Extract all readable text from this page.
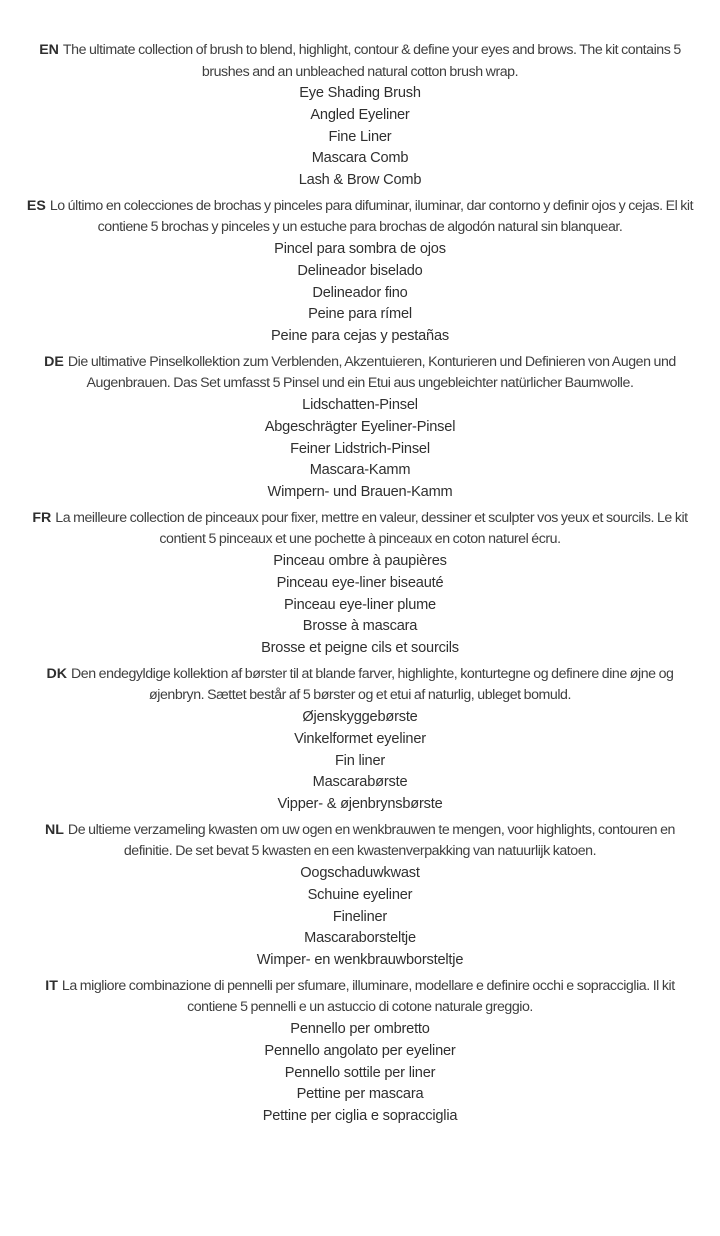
EN The ultimate collection of brush to blend, highlight, contour & define your eyes and brows. The kit contains 5 brushes and an unbleached natural cotton brush wrap.

Eye Shading Brush
Angled Eyeliner
Fine Liner
Mascara Comb
Lash & Brow Comb

ES Lo último en colecciones de brochas y pinceles para difuminar, iluminar, dar contorno y definir ojos y cejas. El kit contiene 5 brochas y pinceles y un estuche para brochas de algodón natural sin blanquear.

Pincel para sombra de ojos
Delineador biselado
Delineador fino
Peine para rímel
Peine para cejas y pestañas

DE Die ultimative Pinselkollektion zum Verblenden, Akzentuieren, Konturieren und Definieren von Augen und Augenbrauen. Das Set umfasst 5 Pinsel und ein Etui aus ungebleichter natürlicher Baumwolle.

Lidschatten-Pinsel
Abgeschrägter Eyeliner-Pinsel
Feiner Lidstrich-Pinsel
Mascara-Kamm
Wimpern- und Brauen-Kamm

FR La meilleure collection de pinceaux pour fixer, mettre en valeur, dessiner et sculpter vos yeux et sourcils. Le kit contient 5 pinceaux et une pochette à pinceaux en coton naturel écru.

Pinceau ombre à paupières
Pinceau eye-liner biseauté
Pinceau eye-liner plume
Brosse à mascara
Brosse et peigne cils et sourcils

DK Den endegyldige kollektion af børster til at blande farver, highlighte, konturtegne og definere dine øjne og øjenbryn. Sættet består af 5 børster og et etui af naturlig, ubleget bomuld.

Øjenskyggebørste
Vinkelformet eyeliner
Fin liner
Mascarabørste
Vipper- & øjenbrynsbørste

NL De ultieme verzameling kwasten om uw ogen en wenkbrauwen te mengen, voor highlights, contouren en definitie. De set bevat 5 kwasten en een kwastenverpakking van natuurlijk katoen.

Oogschaduwkwast
Schuine eyeliner
Fineliner
Mascaraborsteltje
Wimper- en wenkbrauwborsteltje

IT La migliore combinazione di pennelli per sfumare, illuminare, modellare e definire occhi e sopracciglia. Il kit contiene 5 pennelli e un astuccio di cotone naturale greggio.

Pennello per ombretto
Pennello angolato per eyeliner
Pennello sottile per liner
Pettine per mascara
Pettine per ciglia e sopracciglia
